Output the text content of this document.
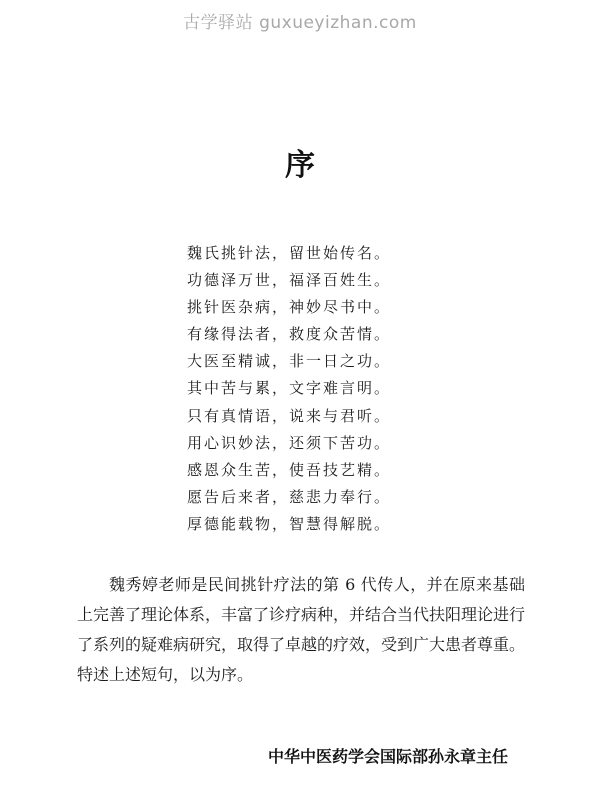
古学驿站 guxueyizhan.com
序
魏氏挑针法，留世始传名。
功德泽万世，福泽百姓生。
挑针医杂病，神妙尽书中。
有缘得法者，救度众苦情。
大医至精诚，非一日之功。
其中苦与累，文字难言明。
只有真情语，说来与君听。
用心识妙法，还须下苦功。
感恩众生苦，使吾技艺精。
愿告后来者，慈悲力奉行。
厚德能载物，智慧得解脱。

魏秀婷老师是民间挑针疗法的第 6 代传人，并在原来基础上完善了理论体系，丰富了诊疗病种，并结合当代扶阳理论进行了系列的疑难病研究，取得了卓越的疗效，受到广大患者尊重。特述上述短句，以为序。

中华中医药学会国际部孙永章主任
